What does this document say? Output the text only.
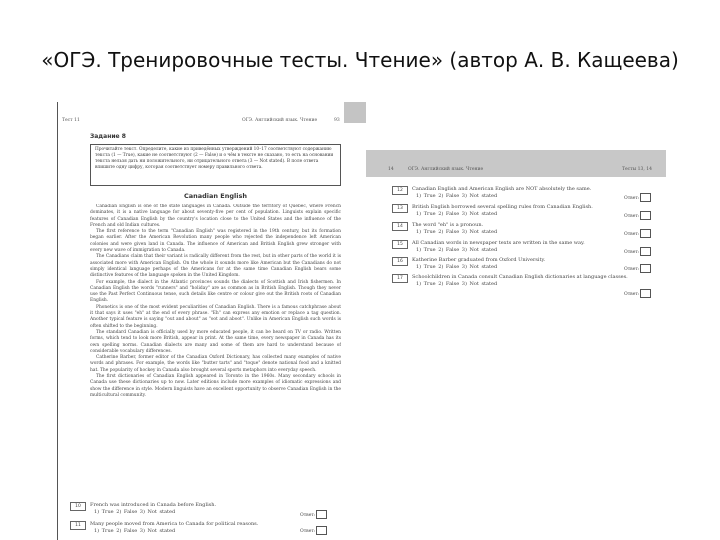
«ОГЭ. Тренировочные тесты. Чтение» (автор А. В. Кащеева)
Тест 11	ОГЭ. Английский язык. Чтение	93
Задание 8
Прочитайте текст. Определите, какие из приведённых утверждений 10–17 соответствуют содержанию текста (1 — True), какие не соответствуют (2 — False) и о чём в тексте не сказано, то есть на основании текста нельзя дать ни положительного, ни отрицательного ответа (3 — Not stated). В поле ответа впишите одну цифру, которая соответствует номеру правильного ответа.
Canadian English

Canadian English is one of the state languages in Canada. Outside the territory of Quebec, where French dominates, it is a native language for about seventy-five per cent of population. Linguists explain specific features of Canadian English by the country's location close to the United States and the influence of the French and old Indian cultures.

The first reference to the term "Canadian English" was registered in the 19th century, but its formation began earlier. After the American Revolution many people who rejected the independence left American colonies and were given land in Canada. The influence of American and British English grew stronger with every new wave of immigration to Canada.

The Canadians claim that their variant is radically different from the rest, but in other parts of the world it is associated more with American English. On the whole it sounds more like American but the Canadians do not simply identical language perhaps of the Americans for at the same time Canadian English bears some distinctive features of the language spoken in the United Kingdom.

For example, the dialect in the Atlantic provinces sounds the dialects of Scottish and Irish fishermen. In Canadian English the words "runners" and "holiday" are as common as in British English. Though they never use the Past Perfect Continuous tense, such details like centre or colour give out the British roots of Canadian English.

Phonetics is one of the most evident peculiarities of Canadian English. There is a famous catchphrase about it that says it uses "eh" at the end of every phrase. "Eh" can express any emotion or replace a tag question. Another typical feature is saying "out and about" as "oot and aboot". Unlike in American English such words is often shifted to the beginning.

The standard Canadian is officially used by more educated people, it can be heard on TV or radio. Written forms, which tend to look more British, appear in print. At the same time, every newspaper in Canada has its own spelling norms. Canadian dialects are many and some of them are hard to understand because of considerable vocabulary differences.

Catherine Barber, former editor of the Canadian Oxford Dictionary, has collected many examples of native words and phrases. For example, the words like "butter tarts" and "toque" denote national food and a knitted hat. The popularity of hockey in Canada also brought several sports metaphors into everyday speech.

The first dictionaries of Canadian English appeared in Toronto in the 1960s. Many secondary schools in Canada use these dictionaries up to now. Later editions include more examples of idiomatic expressions and show the difference in style. Modern linguists have an excellent opportunity to observe Canadian English in the multicultural community.

10	French was introduced in Canada before English.
1) True 2) False 3) Not stated
Ответ:
11	Many people moved from America to Canada for political reasons.
1) True 2) False 3) Not stated	Ответ:
14	ОГЭ. Английский язык. Чтение	Тесты 13, 14
12	Canadian English and American English are NOT absolutely the same.
1) True 2) False 3) Not stated	Ответ:
13	British English borrowed several spelling rules from Canadian English.
1) True 2) False 3) Not stated	Ответ:
14	The word "eh" is a pronoun.
1) True 2) False 3) Not stated	Ответ:
15	All Canadian words in newspaper texts are written in the same way.
1) True 2) False 3) Not stated	Ответ:
16	Katherine Barber graduated from Oxford University.
1) True 2) False 3) Not stated	Ответ:
17	Schoolchildren in Canada consult Canadian English dictionaries at language classes.
1) True 2) False 3) Not stated
Ответ:
